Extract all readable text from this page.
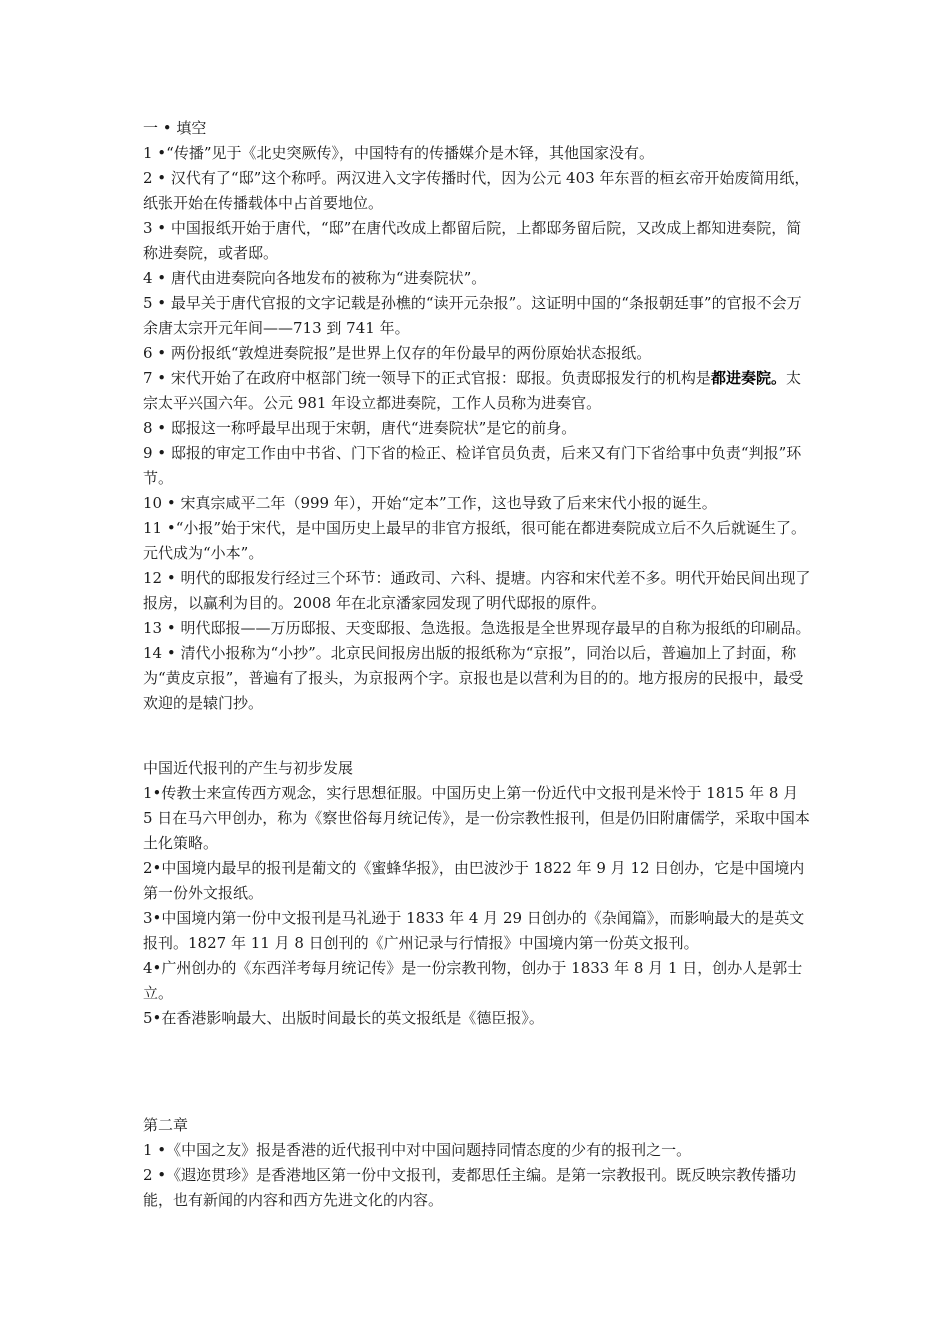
一 • 填空

1 •“传播”见于《北史突厥传》，中国特有的传播媒介是木铎，其他国家没有。

2 • 汉代有了“邸”这个称呼。两汉进入文字传播时代，因为公元 403 年东晋的桓玄帝开始废简用纸，纸张开始在传播载体中占首要地位。

3 • 中国报纸开始于唐代，“邸”在唐代改成上都留后院，上都邸务留后院，又改成上都知进奏院，简称进奏院，或者邸。

4 • 唐代由进奏院向各地发布的被称为“进奏院状”。

5 • 最早关于唐代官报的文字记载是孙樵的“读开元杂报”。这证明中国的“条报朝廷事”的官报不会万余唐太宗开元年间——713 到 741 年。

6 • 两份报纸“敦煌进奏院报”是世界上仅存的年份最早的两份原始状态报纸。

7 • 宋代开始了在政府中枢部门统一领导下的正式官报：邸报。负责邸报发行的机构是都进奏院。太宗太平兴国六年。公元 981 年设立都进奏院，工作人员称为进奏官。

8 • 邸报这一称呼最早出现于宋朝，唐代“进奏院状”是它的前身。

9 • 邸报的审定工作由中书省、门下省的检正、检详官员负责，后来又有门下省给事中负责“判报”环节。

10 • 宋真宗咸平二年（999 年），开始“定本”工作，这也导致了后来宋代小报的诞生。

11 •“小报”始于宋代，是中国历史上最早的非官方报纸，很可能在都进奏院成立后不久后就诞生了。元代成为“小本”。

12 • 明代的邸报发行经过三个环节：通政司、六科、提塘。内容和宋代差不多。明代开始民间出现了报房，以赢利为目的。2008 年在北京潘家园发现了明代邸报的原件。

13 • 明代邸报——万历邸报、天变邸报、急选报。急选报是全世界现存最早的自称为报纸的印刷品。

14 • 清代小报称为“小抄”。北京民间报房出版的报纸称为“京报”，同治以后，普遍加上了封面，称为“黄皮京报”，普遍有了报头，为京报两个字。京报也是以营利为目的的。地方报房的民报中，最受欢迎的是辕门抄。

中国近代报刊的产生与初步发展

1•传教士来宣传西方观念，实行思想征服。中国历史上第一份近代中文报刊是米怜于 1815 年 8 月 5 日在马六甲创办，称为《察世俗每月统记传》，是一份宗教性报刊，但是仍旧附庸儒学，采取中国本土化策略。

2•中国境内最早的报刊是葡文的《蜜蜂华报》，由巴波沙于 1822 年 9 月 12 日创办，它是中国境内第一份外文报纸。

3•中国境内第一份中文报刊是马礼逊于 1833 年 4 月 29 日创办的《杂闻篇》，而影响最大的是英文报刊。1827 年 11 月 8 日创刊的《广州记录与行情报》中国境内第一份英文报刊。

4•广州创办的《东西洋考每月统记传》是一份宗教刊物，创办于 1833 年 8 月 1 日，创办人是郭士立。

5•在香港影响最大、出版时间最长的英文报纸是《德臣报》。

第二章

1 •《中国之友》报是香港的近代报刊中对中国问题持同情态度的少有的报刊之一。

2 •《遐迩贯珍》是香港地区第一份中文报刊，麦都思任主编。是第一宗教报刊。既反映宗教传播功能，也有新闻的内容和西方先进文化的内容。
